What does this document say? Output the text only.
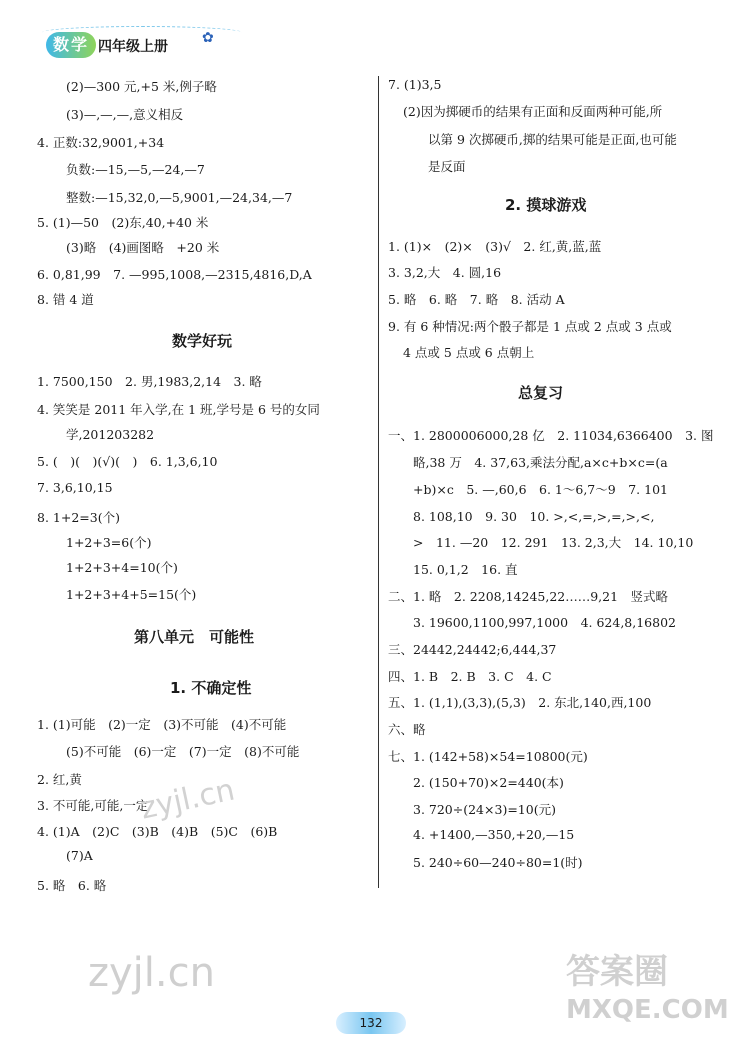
数学 四年级上册
✿
(2)—300 元,+5 米,例子略
(3)—,—,—,意义相反
4. 正数:32,9001,+34
负数:—15,—5,—24,—7
整数:—15,32,0,—5,9001,—24,34,—7
5. (1)—50　(2)东,40,+40 米
(3)略　(4)画图略　+20 米
6. 0,81,99　7. —995,1008,—2315,4816,D,A
8. 错 4 道
数学好玩
1. 7500,150　2. 男,1983,2,14　3. 略
4. 笑笑是 2011 年入学,在 1 班,学号是 6 号的女同
学,201203282
5. (　)(　)(√)(　)　6. 1,3,6,10
7. 3,6,10,15
8. 1+2=3(个)
1+2+3=6(个)
1+2+3+4=10(个)
1+2+3+4+5=15(个)
第八单元　可能性
1. 不确定性
1. (1)可能　(2)一定　(3)不可能　(4)不可能
(5)不可能　(6)一定　(7)一定　(8)不可能
2. 红,黄
3. 不可能,可能,一定
4. (1)A　(2)C　(3)B　(4)B　(5)C　(6)B
(7)A
5. 略　6. 略
7. (1)3,5
(2)因为掷硬币的结果有正面和反面两种可能,所
以第 9 次掷硬币,掷的结果可能是正面,也可能
是反面
2. 摸球游戏
1. (1)×　(2)×　(3)√　2. 红,黄,蓝,蓝
3. 3,2,大　4. 圆,16
5. 略　6. 略　7. 略　8. 活动 A
9. 有 6 种情况:两个骰子都是 1 点或 2 点或 3 点或
4 点或 5 点或 6 点朝上
总复习
一、1. 2800006000,28 亿　2. 11034,6366400　3. 图
略,38 万　4. 37,63,乘法分配,a×c+b×c=(a
+b)×c　5. —,60,6　6. 1～6,7～9　7. 101
8. 108,10　9. 30　10. >,<,=,>,=,>,<,
>　11. —20　12. 291　13. 2,3,大　14. 10,10
15. 0,1,2　16. 直
二、1. 略　2. 2208,14245,22……9,21　竖式略
3. 19600,1100,997,1000　4. 624,8,16802
三、24442,24442;6,444,37
四、1. B　2. B　3. C　4. C
五、1. (1,1),(3,3),(5,3)　2. 东北,140,西,100
六、略
七、1. (142+58)×54=10800(元)
2. (150+70)×2=440(本)
3. 720÷(24×3)=10(元)
4. +1400,—350,+20,—15
5. 240÷60—240÷80=1(时)
zyjl.cn
zyjl.cn	答案圈
MXQE.COM
132
